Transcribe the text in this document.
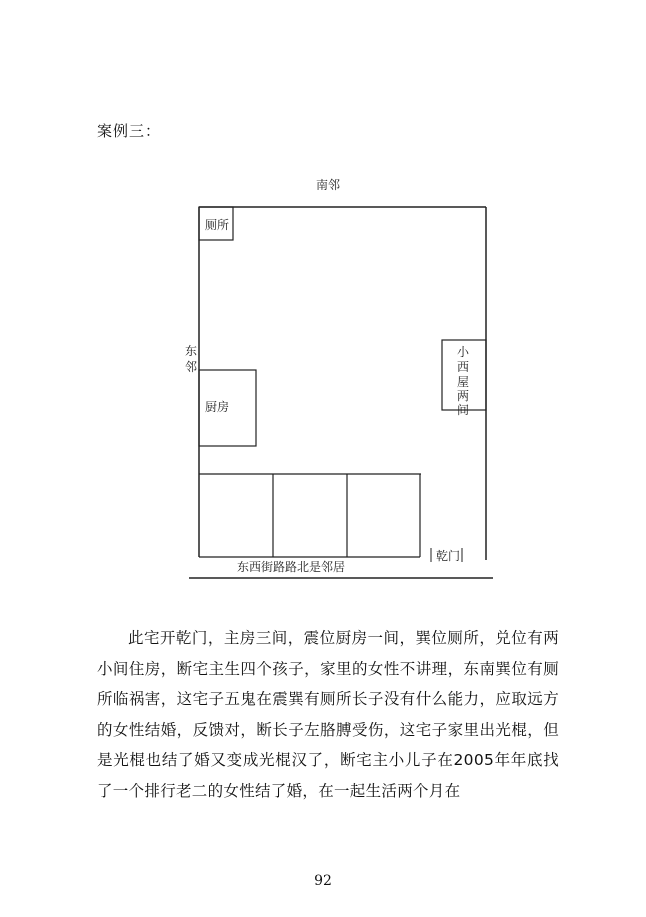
案例三：
厕所
厨房
小
西
屋
两
间
乾门
东西街路路北是邻居
南邻
东
邻
此宅开乾门，主房三间，震位厨房一间，巽位厕所，兑位有两小间住房，断宅主生四个孩子，家里的女性不讲理，东南巽位有厕所临祸害，这宅子五鬼在震巽有厕所长子没有什么能力，应取远方的女性结婚，反馈对，断长子左胳膊受伤，这宅子家里出光棍，但是光棍也结了婚又变成光棍汉了，断宅主小儿子在2005年年底找了一个排行老二的女性结了婚，在一起生活两个月在
92
